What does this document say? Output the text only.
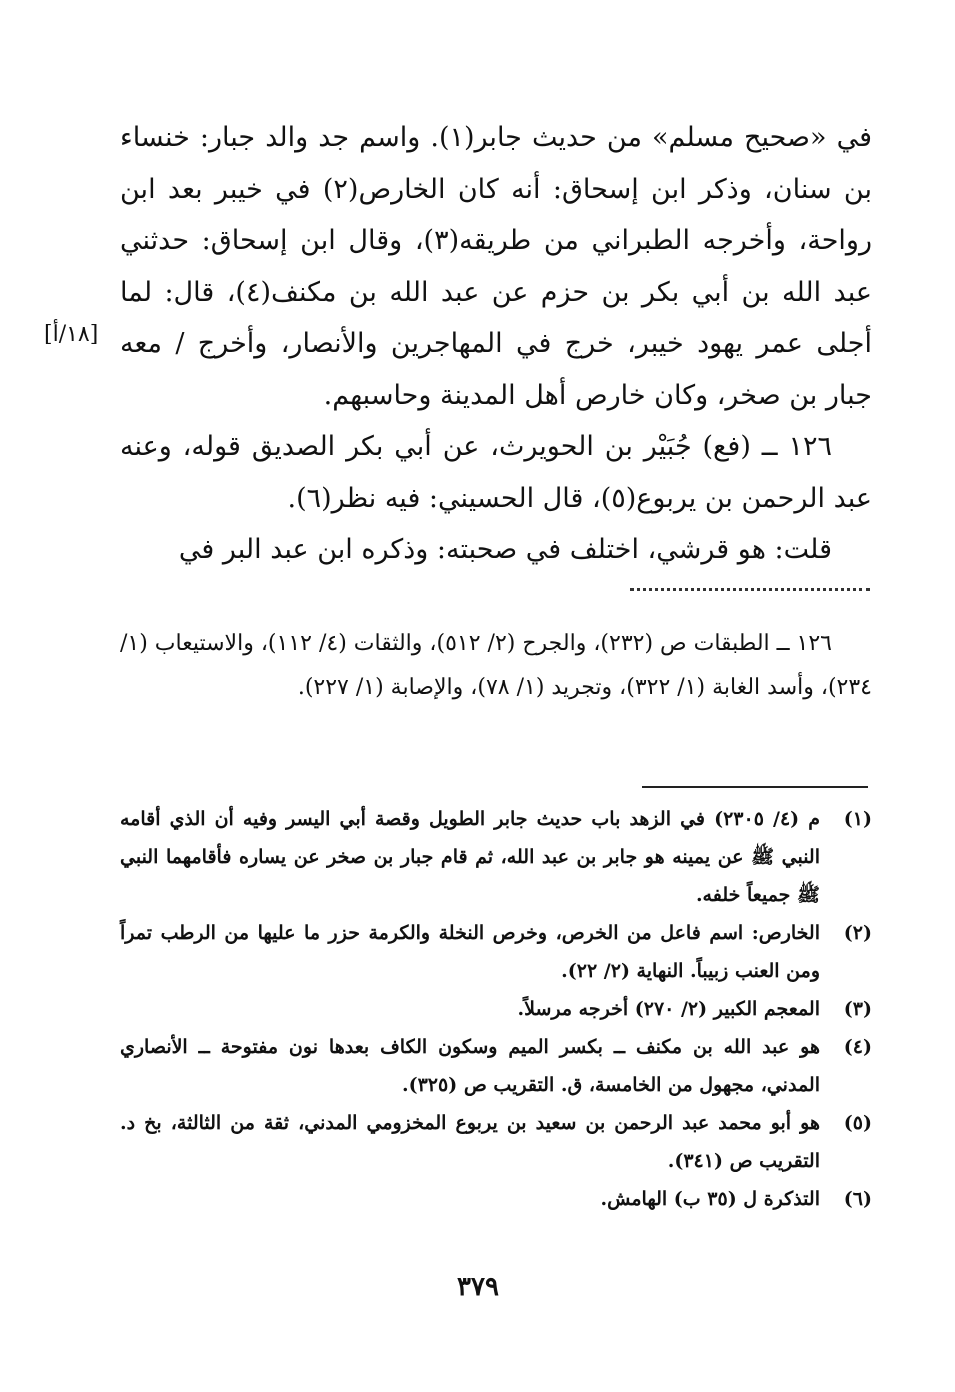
في «صحيح مسلم» من حديث جابر(١). واسم جد والد جبار: خنساء بن سنان، وذكر ابن إسحاق: أنه كان الخارص(٢) في خيبر بعد ابن رواحة، وأخرجه الطبراني من طريقه(٣)، وقال ابن إسحاق: حدثني عبد الله بن أبي بكر بن حزم عن عبد الله بن مكنف(٤)، قال: لما أجلى عمر يهود خيبر، خرج في المهاجرين والأنصار، وأخرج / معه جبار بن صخر، وكان خارص أهل المدينة وحاسبهم.

١٢٦ ــ (فع) جُبَيْر بن الحويرث، عن أبي بكر الصديق قوله، وعنه عبد الرحمن بن يربوع(٥)، قال الحسيني: فيه نظر(٦).

قلت: هو قرشي، اختلف في صحبته: وذكره ابن عبد البر في

[١٨/أ]

١٢٦ ــ الطبقات ص (٢٣٢)، والجرح (٢/ ٥١٢)، والثقات (٤/ ١١٢)، والاستيعاب (١/ ٢٣٤)، وأسد الغابة (١/ ٣٢٢)، وتجريد (١/ ٧٨)، والإصابة (١/ ٢٢٧).

(١)
م (٤/ ٢٣٠٥) في الزهد باب حديث جابر الطويل وقصة أبي اليسر وفيه أن الذي أقامه النبي ﷺ عن يمينه هو جابر بن عبد الله، ثم قام جبار بن صخر عن يساره فأقامهما النبي ﷺ جميعاً خلفه.
(٢)
الخارص: اسم فاعل من الخرص، وخرص النخلة والكرمة حزر ما عليها من الرطب تمراً ومن العنب زبيباً. النهاية (٢/ ٢٢).
(٣)
المعجم الكبير (٢/ ٢٧٠) أخرجه مرسلاً.
(٤)
هو عبد الله بن مكنف ــ بكسر الميم وسكون الكاف بعدها نون مفتوحة ــ الأنصاري المدني، مجهول من الخامسة، ق. التقريب ص (٣٢٥).
(٥)
هو أبو محمد عبد الرحمن بن سعيد بن يربوع المخزومي المدني، ثقة من الثالثة، بخ د. التقريب ص (٣٤١).
(٦)
التذكرة ل (٣٥ ب) الهامش.
٣٧٩
